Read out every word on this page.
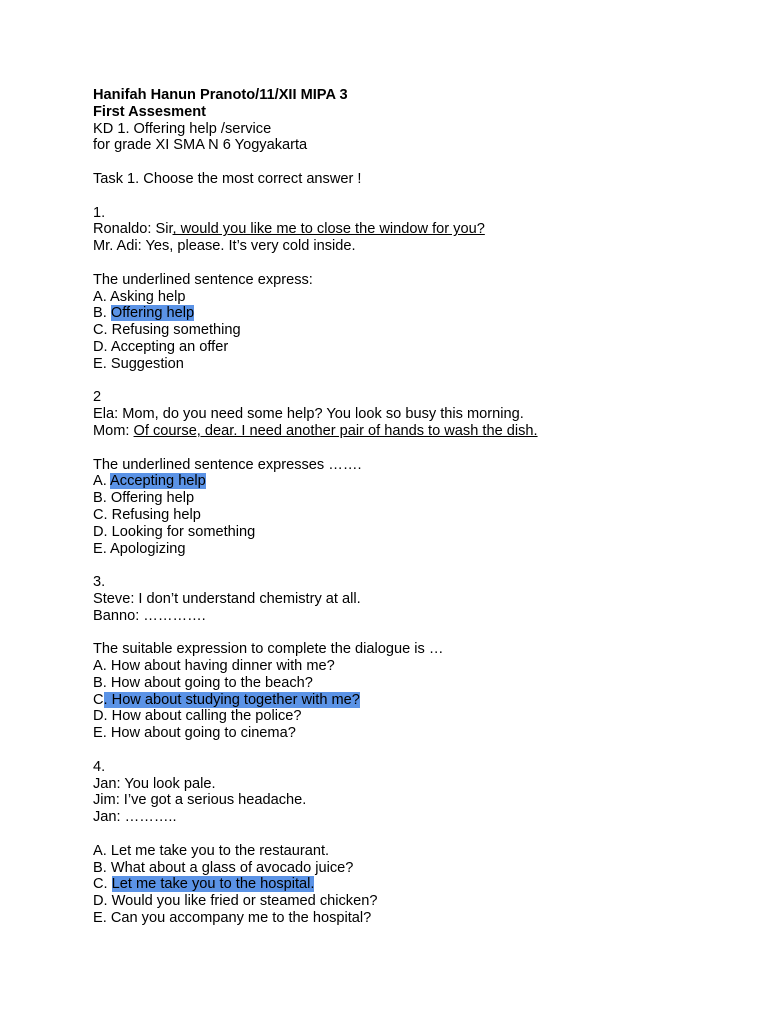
Hanifah Hanun Pranoto/11/XII MIPA 3
First Assesment
KD 1. Offering help /service
for grade XI SMA N 6 Yogyakarta
Task 1. Choose the most correct answer !
1.
Ronaldo: Sir, would you like me to close the window for you?
Mr. Adi: Yes, please. It’s very cold inside.
The underlined sentence express:
A. Asking help
B. Offering help
C. Refusing something
D. Accepting an offer
E. Suggestion
2
Ela: Mom, do you need some help? You look so busy this morning.
Mom: Of course, dear. I need another pair of hands to wash the dish.
The underlined sentence expresses …….
A. Accepting help
B. Offering help
C. Refusing help
D. Looking for something
E. Apologizing
3.
Steve: I don’t understand chemistry at all.
Banno: ………….
The suitable expression to complete the dialogue is …
A. How about having dinner with me?
B. How about going to the beach?
C. How about studying together with me?
D. How about calling the police?
E. How about going to cinema?
4.
Jan: You look pale.
Jim: I’ve got a serious headache.
Jan: ………..
A. Let me take you to the restaurant.
B. What about a glass of avocado juice?
C. Let me take you to the hospital.
D. Would you like fried or steamed chicken?
E. Can you accompany me to the hospital?
